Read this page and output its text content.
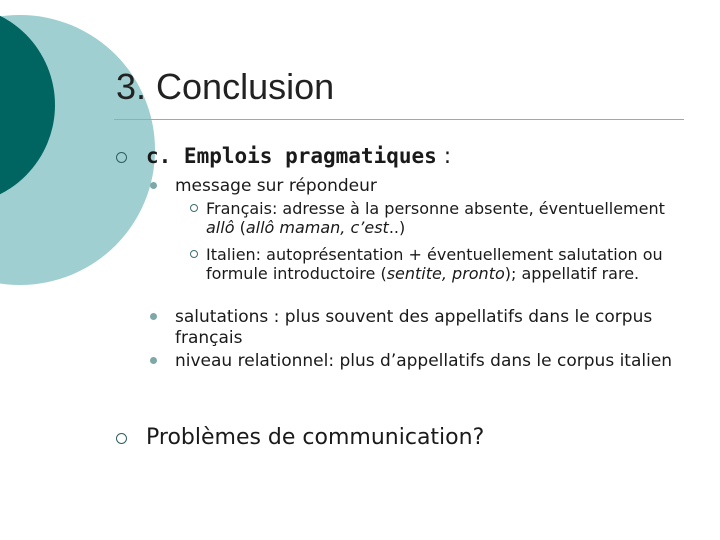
3. Conclusion
c. Emplois pragmatiques :
message sur répondeur
Français: adresse à la personne absente, éventuellement allô (allô maman, c’est..)
Italien: autoprésentation + éventuellement salutation ou formule introductoire (sentite, pronto); appellatif rare.
salutations : plus souvent des appellatifs dans le corpus français
niveau relationnel: plus d’appellatifs dans le corpus italien
Problèmes de communication?
